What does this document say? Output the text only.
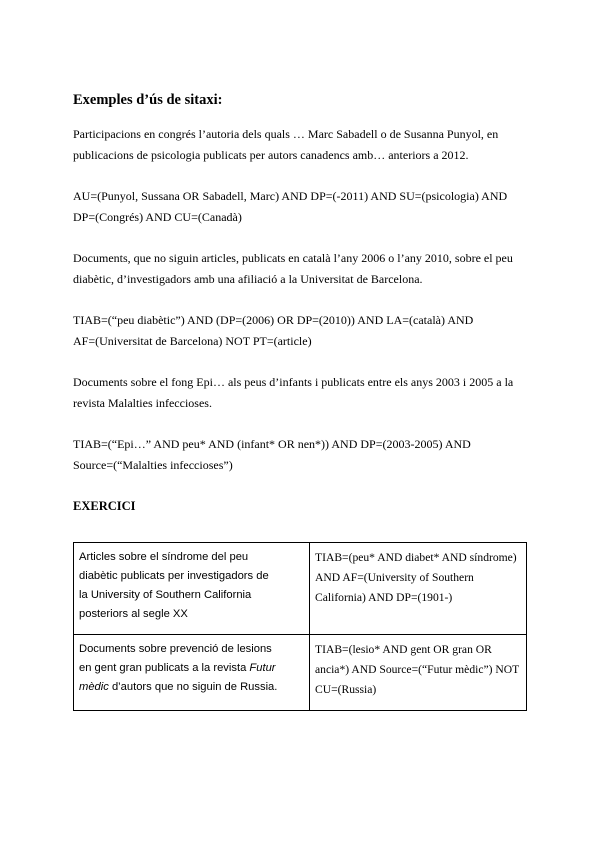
Exemples d’ús de sitaxi:

Participacions en congrés l’autoria dels quals … Marc Sabadell o de Susanna Punyol, en
publicacions de psicologia publicats per autors canadencs amb… anteriors a 2012.

AU=(Punyol, Sussana OR Sabadell, Marc) AND DP=(-2011) AND SU=(psicologia) AND
DP=(Congrés) AND CU=(Canadà)

Documents, que no siguin articles, publicats en català l’any 2006 o l’any 2010, sobre el peu
diabètic, d’investigadors amb una afiliació a la Universitat de Barcelona.

TIAB=(“peu diabètic”) AND (DP=(2006) OR DP=(2010)) AND LA=(català) AND
AF=(Universitat de Barcelona) NOT PT=(article)

Documents sobre el fong Epi… als peus d’infants i publicats entre els anys 2003 i 2005 a la
revista Malalties infeccioses.

TIAB=(“Epi…” AND peu* AND (infant* OR nen*)) AND DP=(2003-2005) AND
Source=(“Malalties infeccioses”)

EXERCICI
Articles sobre el síndrome del peu
diabètic publicats per investigadors de
la University of Southern California
posteriors al segle XX	TIAB=(peu* AND diabet* AND síndrome)
AND AF=(University of Southern
California) AND DP=(1901-)

Documents sobre prevenció de lesions
en gent gran publicats a la revista Futur
mèdic d’autors que no siguin de Russia.	TIAB=(lesio* AND gent OR gran OR
ancia*) AND Source=(“Futur mèdic”) NOT
CU=(Russia)
